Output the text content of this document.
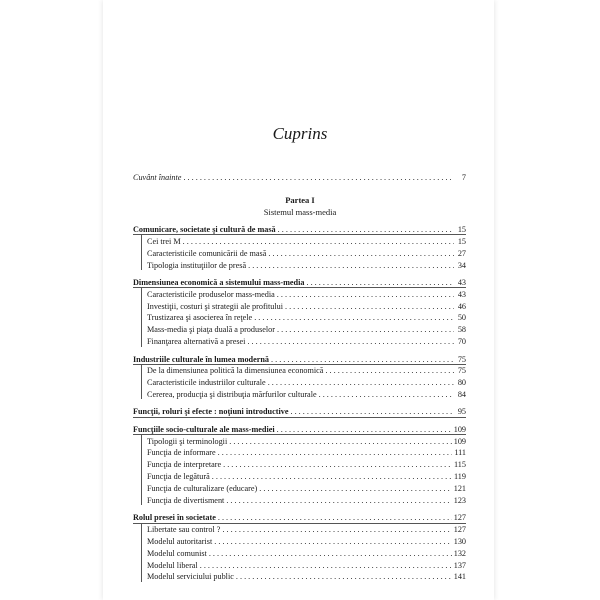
Cuprins
Cuvânt înainte . . .	7
Partea I
Sistemul mass-media
Comunicare, societate şi cultură de masă . . .	15
Cei trei M . . .	15
Caracteristicile comunicării de masă . . .	27
Tipologia instituţiilor de presă . . .	34
Dimensiunea economică a sistemului mass-media . . .	43
Caracteristicile produselor mass-media . . .	43
Investiţii, costuri şi strategii ale profitului . . .	46
Trustizarea şi asocierea în reţele . . .	50
Mass-media şi piaţa duală a produselor . . .	58
Finanţarea alternativă a presei . . .	70
Industriile culturale în lumea modernă . . .	75
De la dimensiunea politică la dimensiunea economică . . .	75
Caracteristicile industriilor culturale . . .	80
Cererea, producţia şi distribuţia mărfurilor culturale . . .	84
Funcţii, roluri şi efecte : noţiuni introductive . . .	95
Funcţiile socio-culturale ale mass-mediei . . .	109
Tipologii şi terminologii . . .	109
Funcţia de informare . . .	111
Funcţia de interpretare . . .	115
Funcţia de legătură . . .	119
Funcţia de culturalizare (educare) . . .	121
Funcţia de divertisment . . .	123
Rolul presei în societate . . .	127
Libertate sau control ? . . .	127
Modelul autoritarist . . .	130
Modelul comunist . . .	132
Modelul liberal . . .	137
Modelul serviciului public . . .	141
